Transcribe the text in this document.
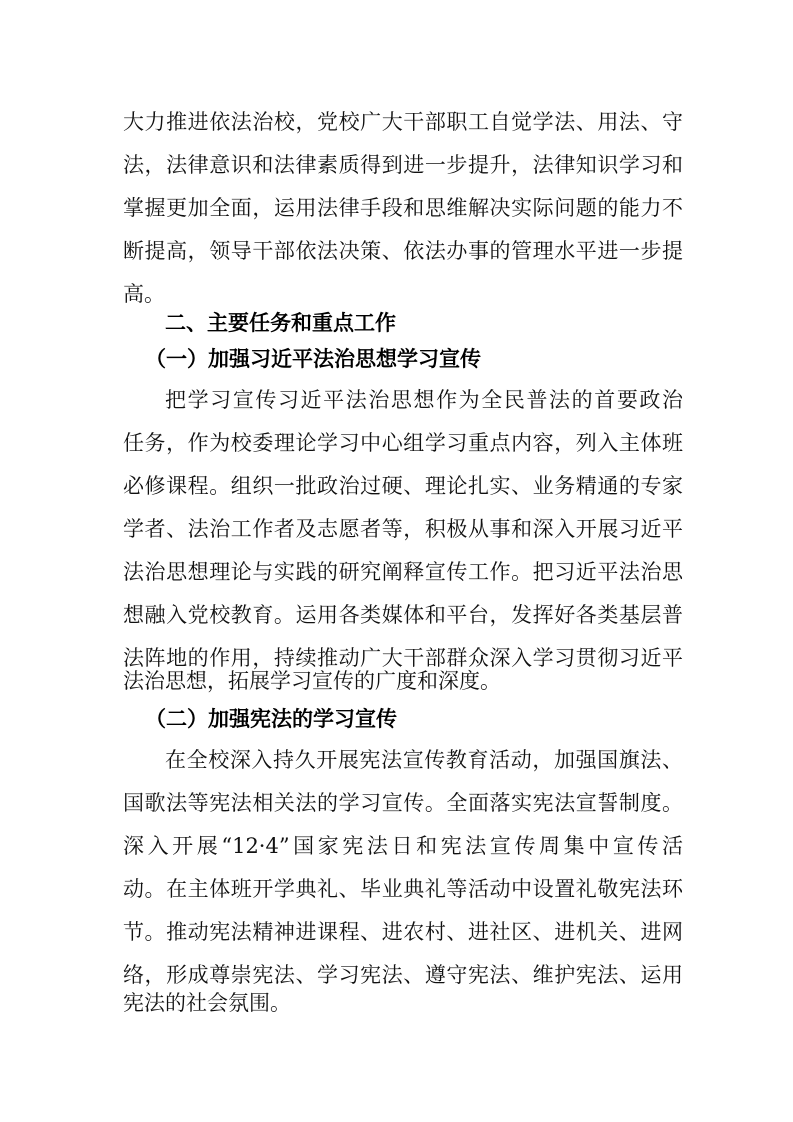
大力推进依法治校，党校广大干部职工自觉学法、用法、守
法，法律意识和法律素质得到进一步提升，法律知识学习和
掌握更加全面，运用法律手段和思维解决实际问题的能力不
断提高，领导干部依法决策、依法办事的管理水平进一步提
高。
二、主要任务和重点工作
（一）加强习近平法治思想学习宣传
把学习宣传习近平法治思想作为全民普法的首要政治
任务，作为校委理论学习中心组学习重点内容，列入主体班
必修课程。组织一批政治过硬、理论扎实、业务精通的专家
学者、法治工作者及志愿者等，积极从事和深入开展习近平
法治思想理论与实践的研究阐释宣传工作。把习近平法治思
想融入党校教育。运用各类媒体和平台，发挥好各类基层普
法阵地的作用，持续推动广大干部群众深入学习贯彻习近平
法治思想，拓展学习宣传的广度和深度。
（二）加强宪法的学习宣传
在全校深入持久开展宪法宣传教育活动，加强国旗法、
国歌法等宪法相关法的学习宣传。全面落实宪法宣誓制度。
深入开展“12·4”国家宪法日和宪法宣传周集中宣传活
动。在主体班开学典礼、毕业典礼等活动中设置礼敬宪法环
节。推动宪法精神进课程、进农村、进社区、进机关、进网
络，形成尊崇宪法、学习宪法、遵守宪法、维护宪法、运用
宪法的社会氛围。
